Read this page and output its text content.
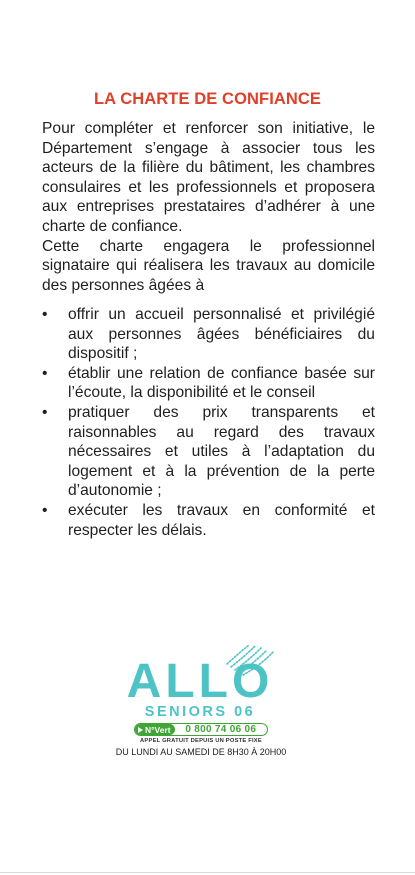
LA CHARTE DE CONFIANCE

Pour compléter et renforcer son initiative, le Département s’engage à associer tous les acteurs de la filière du bâtiment, les chambres consulaires et les professionnels et proposera aux entreprises prestataires d’adhérer à une charte de confiance.

Cette charte engagera le professionnel signataire qui réalisera les travaux au domicile des personnes âgées à

• offrir un accueil personnalisé et privilégié aux personnes âgées bénéficiaires du dispositif ;
• établir une relation de confiance basée sur l’écoute, la disponibilité et le conseil
• pratiquer des prix transparents et raisonnables au regard des travaux nécessaires et utiles à l’adaptation du logement et à la prévention de la perte d’autonomie ;
• exécuter les travaux en conformité et respecter les délais.
ALLO
SENIORS 06
N°Vert	0 800 74 06 06
APPEL GRATUIT DEPUIS UN POSTE FIXE
DU LUNDI AU SAMEDI DE 8H30 À 20H00
